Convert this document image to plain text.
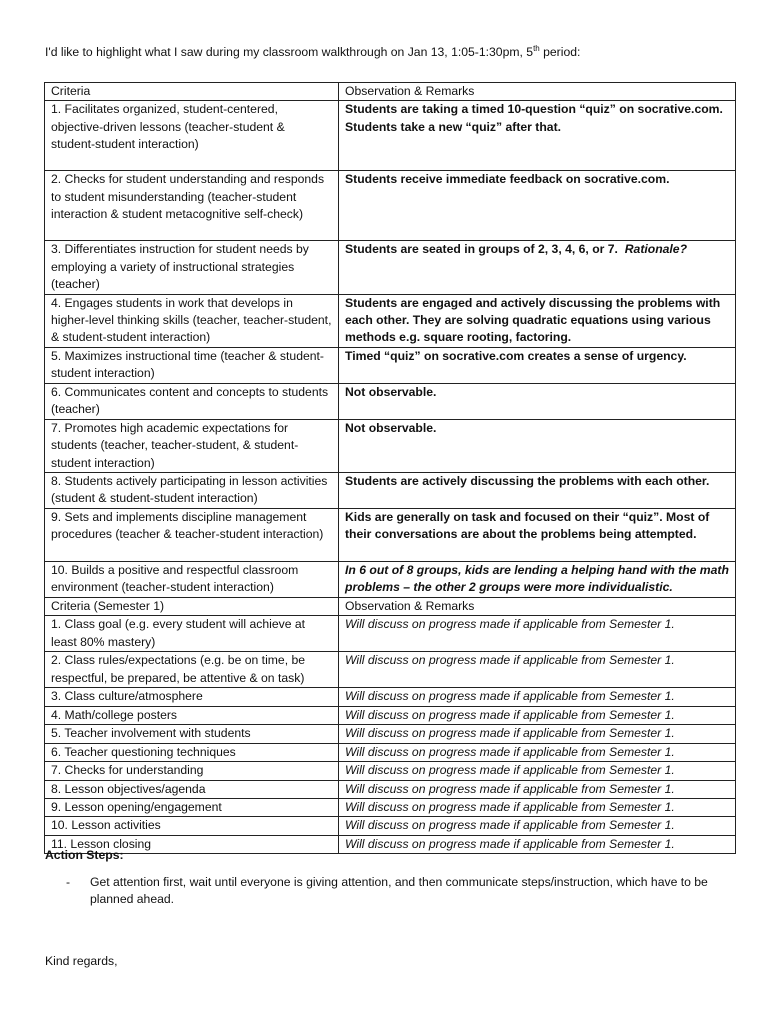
I'd like to highlight what I saw during my classroom walkthrough on Jan 13, 1:05-1:30pm, 5th period:
Criteria	Observation & Remarks
1. Facilitates organized, student-centered, objective-driven lessons (teacher-student & student-student interaction)	Students are taking a timed 10-question “quiz” on socrative.com. Students take a new “quiz” after that.
2. Checks for student understanding and responds to student misunderstanding (teacher-student interaction & student metacognitive self-check)	Students receive immediate feedback on socrative.com.
3. Differentiates instruction for student needs by employing a variety of instructional strategies (teacher)	Students are seated in groups of 2, 3, 4, 6, or 7. Rationale?
4. Engages students in work that develops in higher-level thinking skills (teacher, teacher-student, & student-student interaction)	Students are engaged and actively discussing the problems with each other. They are solving quadratic equations using various methods e.g. square rooting, factoring.
5. Maximizes instructional time (teacher & student-student interaction)	Timed “quiz” on socrative.com creates a sense of urgency.
6. Communicates content and concepts to students (teacher)	Not observable.
7. Promotes high academic expectations for students (teacher, teacher-student, & student-student interaction)	Not observable.
8. Students actively participating in lesson activities (student & student-student interaction)	Students are actively discussing the problems with each other.
9. Sets and implements discipline management procedures (teacher & teacher-student interaction)	Kids are generally on task and focused on their “quiz”. Most of their conversations are about the problems being attempted.
10. Builds a positive and respectful classroom environment (teacher-student interaction)	In 6 out of 8 groups, kids are lending a helping hand with the math problems – the other 2 groups were more individualistic.
Criteria (Semester 1)	Observation & Remarks
1. Class goal (e.g. every student will achieve at least 80% mastery)	Will discuss on progress made if applicable from Semester 1.
2. Class rules/expectations (e.g. be on time, be respectful, be prepared, be attentive & on task)	Will discuss on progress made if applicable from Semester 1.
3. Class culture/atmosphere	Will discuss on progress made if applicable from Semester 1.
4. Math/college posters	Will discuss on progress made if applicable from Semester 1.
5. Teacher involvement with students	Will discuss on progress made if applicable from Semester 1.
6. Teacher questioning techniques	Will discuss on progress made if applicable from Semester 1.
7. Checks for understanding	Will discuss on progress made if applicable from Semester 1.
8. Lesson objectives/agenda	Will discuss on progress made if applicable from Semester 1.
9. Lesson opening/engagement	Will discuss on progress made if applicable from Semester 1.
10. Lesson activities	Will discuss on progress made if applicable from Semester 1.
11. Lesson closing	Will discuss on progress made if applicable from Semester 1.
Action Steps:
- Get attention first, wait until everyone is giving attention, and then communicate steps/instruction, which have to be planned ahead.
Kind regards,
